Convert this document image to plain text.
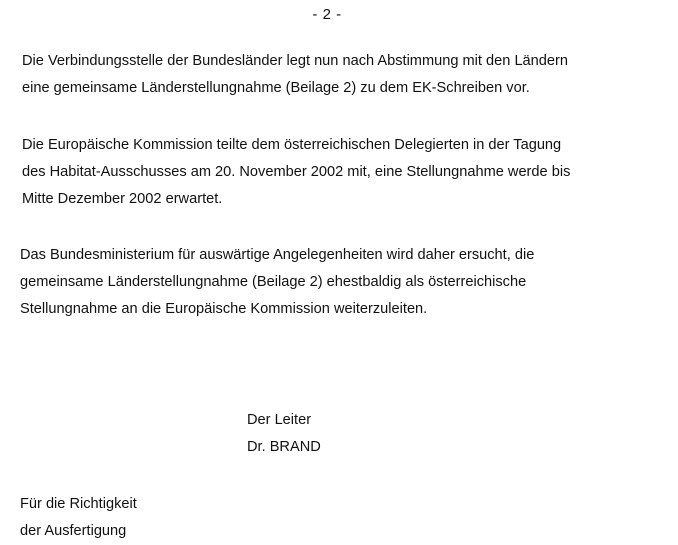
- 2 -
Die Verbindungsstelle der Bundesländer legt nun nach Abstimmung mit den Ländern
eine gemeinsame Länderstellungnahme (Beilage 2) zu dem EK-Schreiben vor.
Die Europäische Kommission teilte dem österreichischen Delegierten in der Tagung
des Habitat-Ausschusses am 20. November 2002 mit, eine Stellungnahme werde bis
Mitte Dezember 2002 erwartet.
Das Bundesministerium für auswärtige Angelegenheiten wird daher ersucht, die
gemeinsame Länderstellungnahme (Beilage 2) ehestbaldig als österreichische
Stellungnahme an die Europäische Kommission weiterzuleiten.
Der Leiter
Dr. BRAND
Für die Richtigkeit
der Ausfertigung
